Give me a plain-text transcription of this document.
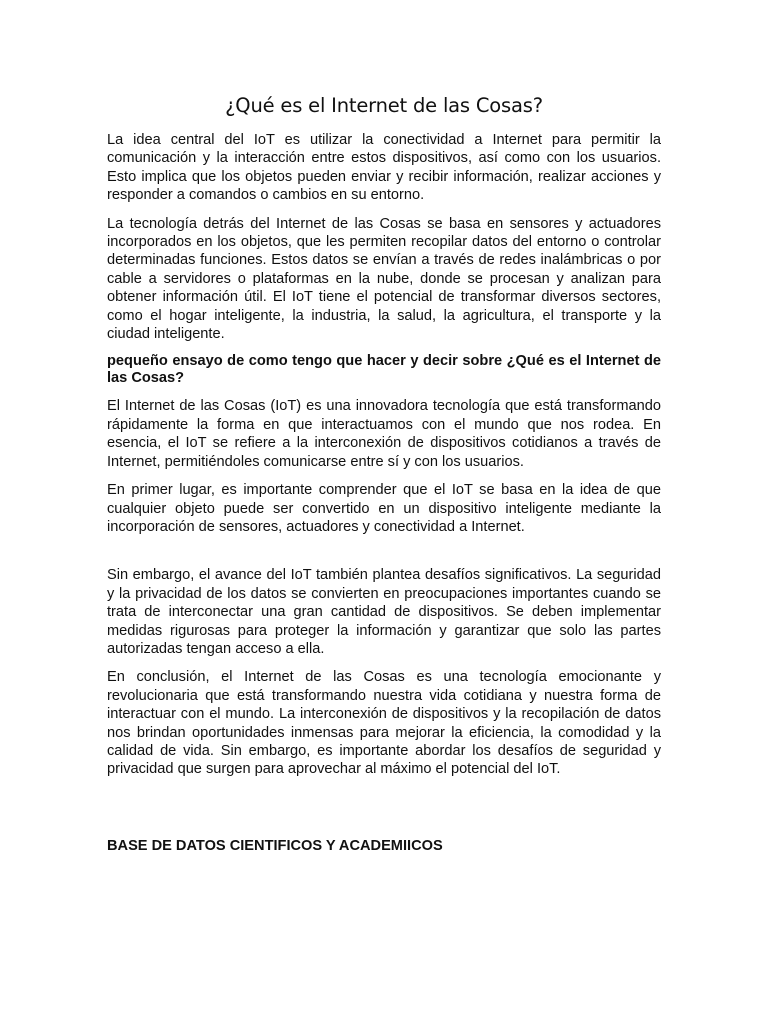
¿Qué es el Internet de las Cosas?

La idea central del IoT es utilizar la conectividad a Internet para permitir la comunicación y la interacción entre estos dispositivos, así como con los usuarios. Esto implica que los objetos pueden enviar y recibir información, realizar acciones y responder a comandos o cambios en su entorno.

La tecnología detrás del Internet de las Cosas se basa en sensores y actuadores incorporados en los objetos, que les permiten recopilar datos del entorno o controlar determinadas funciones. Estos datos se envían a través de redes inalámbricas o por cable a servidores o plataformas en la nube, donde se procesan y analizan para obtener información útil. El IoT tiene el potencial de transformar diversos sectores, como el hogar inteligente, la industria, la salud, la agricultura, el transporte y la ciudad inteligente.

pequeño ensayo de como tengo que hacer y decir sobre ¿Qué es el Internet de las Cosas?

El Internet de las Cosas (IoT) es una innovadora tecnología que está transformando rápidamente la forma en que interactuamos con el mundo que nos rodea. En esencia, el IoT se refiere a la interconexión de dispositivos cotidianos a través de Internet, permitiéndoles comunicarse entre sí y con los usuarios.

En primer lugar, es importante comprender que el IoT se basa en la idea de que cualquier objeto puede ser convertido en un dispositivo inteligente mediante la incorporación de sensores, actuadores y conectividad a Internet.

Sin embargo, el avance del IoT también plantea desafíos significativos. La seguridad y la privacidad de los datos se convierten en preocupaciones importantes cuando se trata de interconectar una gran cantidad de dispositivos. Se deben implementar medidas rigurosas para proteger la información y garantizar que solo las partes autorizadas tengan acceso a ella.

En conclusión, el Internet de las Cosas es una tecnología emocionante y revolucionaria que está transformando nuestra vida cotidiana y nuestra forma de interactuar con el mundo. La interconexión de dispositivos y la recopilación de datos nos brindan oportunidades inmensas para mejorar la eficiencia, la comodidad y la calidad de vida. Sin embargo, es importante abordar los desafíos de seguridad y privacidad que surgen para aprovechar al máximo el potencial del IoT.

BASE DE DATOS CIENTIFICOS Y ACADEMIICOS
